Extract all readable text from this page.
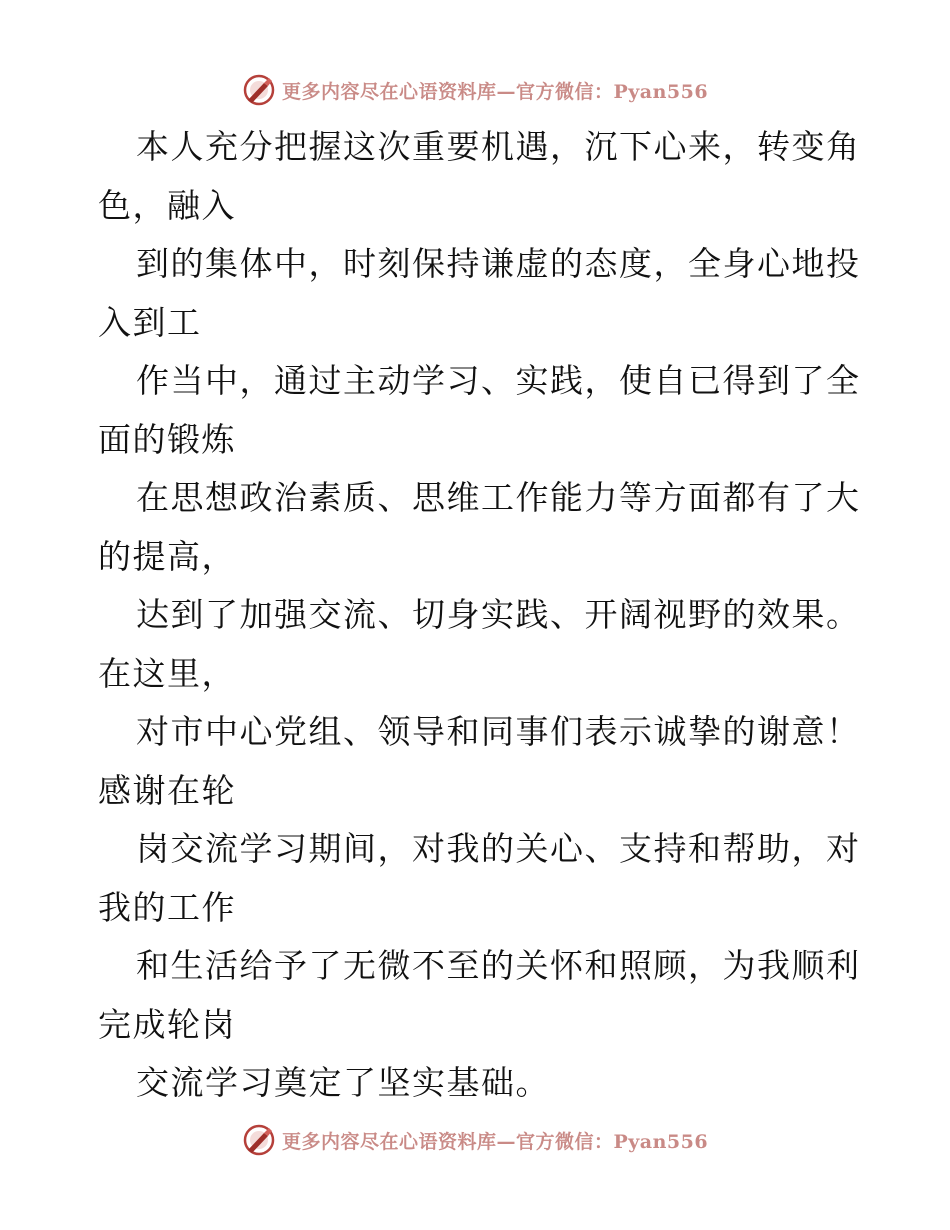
更多内容尽在心语资料库—官方微信：Pyan556
本人充分把握这次重要机遇，沉下心来，转变角
色，融入
到的集体中，时刻保持谦虚的态度，全身心地投
入到工
作当中，通过主动学习、实践，使自已得到了全
面的锻炼
在思想政治素质、思维工作能力等方面都有了大
的提高，
达到了加强交流、切身实践、开阔视野的效果。
在这里，
对市中心党组、领导和同事们表示诚挚的谢意！
感谢在轮
岗交流学习期间，对我的关心、支持和帮助，对
我的工作
和生活给予了无微不至的关怀和照顾，为我顺利
完成轮岗
交流学习奠定了坚实基础。
更多内容尽在心语资料库—官方微信：Pyan556
